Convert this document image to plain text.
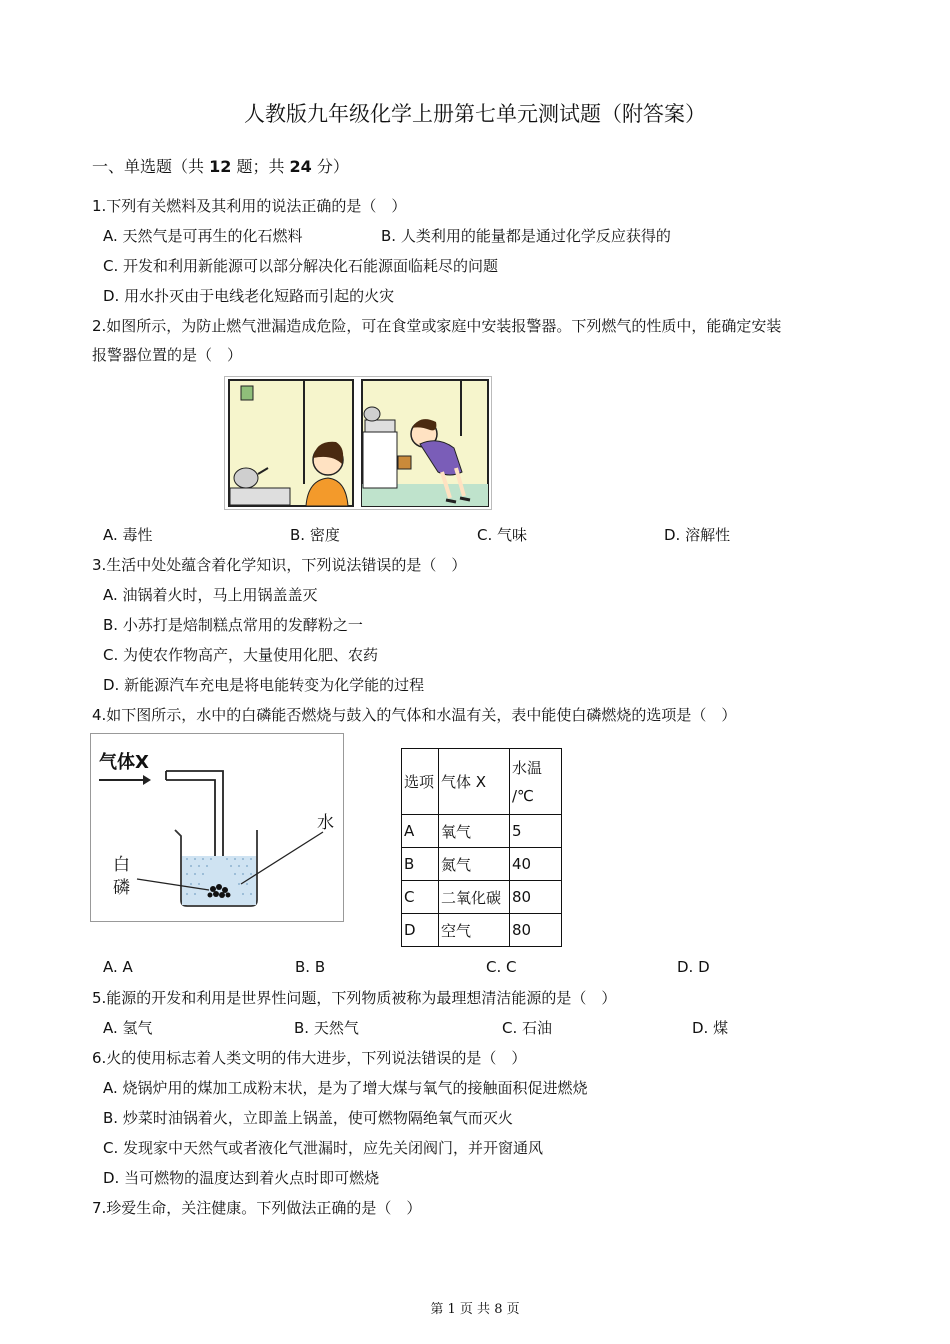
人教版九年级化学上册第七单元测试题（附答案）
一、单选题（共 12 题；共 24 分）
1.下列有关燃料及其利用的说法正确的是（　）
A. 天然气是可再生的化石燃料	B. 人类利用的能量都是通过化学反应获得的
C. 开发和利用新能源可以部分解决化石能源面临耗尽的问题
D. 用水扑灭由于电线老化短路而引起的火灾
2.如图所示，为防止燃气泄漏造成危险，可在食堂或家庭中安装报警器。下列燃气的性质中，能确定安装
报警器位置的是（　）
A. 毒性	B. 密度	C. 气味	D. 溶解性
3.生活中处处蕴含着化学知识，下列说法错误的是（　）
A. 油锅着火时，马上用锅盖盖灭
B. 小苏打是焙制糕点常用的发酵粉之一
C. 为使农作物高产，大量使用化肥、农药
D. 新能源汽车充电是将电能转变为化学能的过程
4.如下图所示，水中的白磷能否燃烧与鼓入的气体和水温有关，表中能使白磷燃烧的选项是（　）
气体X
水
白
磷
选项	气体 X	水温
/℃
A	氧气	5
B	氮气	40
C	二氧化碳	80
D	空气	80
A. A	B. B	C. C	D. D
5.能源的开发和利用是世界性问题，下列物质被称为最理想清洁能源的是（　）
A. 氢气	B. 天然气	C. 石油	D. 煤
6.火的使用标志着人类文明的伟大进步，下列说法错误的是（　）
A. 烧锅炉用的煤加工成粉末状，是为了增大煤与氧气的接触面积促进燃烧
B. 炒菜时油锅着火，立即盖上锅盖，使可燃物隔绝氧气而灭火
C. 发现家中天然气或者液化气泄漏时，应先关闭阀门，并开窗通风
D. 当可燃物的温度达到着火点时即可燃烧
7.珍爱生命，关注健康。下列做法正确的是（　）
第 1 页 共 8 页
